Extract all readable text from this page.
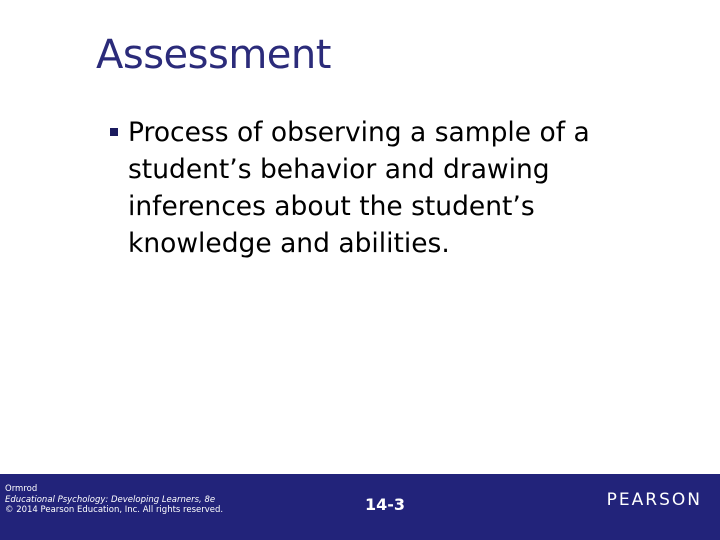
Assessment
Process of observing a sample of a student’s behavior and drawing inferences about the student’s knowledge and abilities.
Ormrod
Educational Psychology: Developing Learners, 8e
© 2014 Pearson Education, Inc. All rights reserved.	14-3	PEARSON
